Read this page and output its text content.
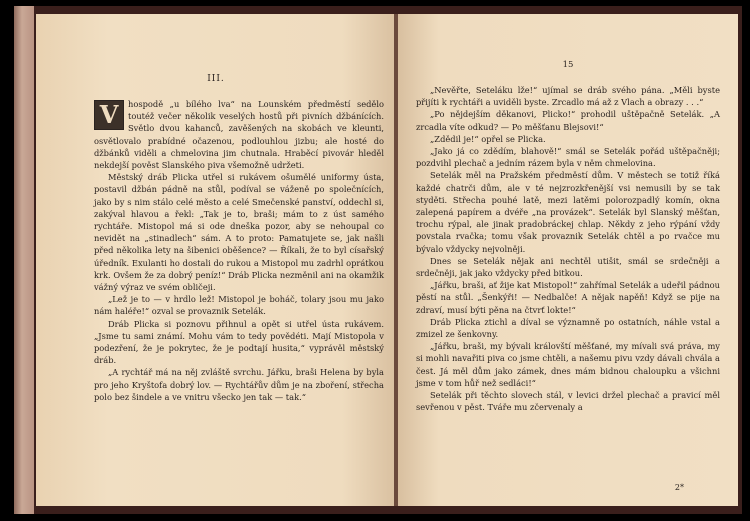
III.

V	hospodě „u bílého lva“ na Lounském předměstí sedělo toutéž večer několik veselých hostů při pivních džbánících. Světlo dvou kahanců, zavěšených na skobách ve kleunti, osvětlovalo prabídné očazenou, podlouhlou jizbu; ale hosté do džbánků viděli a chmelovina jim chutnala. Hraběcí pivovár hleděl nekdejší pověst Slanského piva všemožně udržeti.

Městský dráb Plicka utřel si rukávem ošumělé uniformy ústa, postavil džbán pádně na stůl, podíval se váženě po společnících, jako by s nim stálo celé město a celé Smečenské panství, oddechl si, zakýval hlavou a řekl: „Tak je to, braši; mám to z úst samého rychtáře. Mistopol má si ode dneška pozor, aby se nehoupal co nevidět na „stinadlech“ sám. A to proto: Pamatujete se, jak našli před několika lety na šibenici oběšence? — Říkali, že to byl císařský úředník. Exulanti ho dostali do rukou a Mistopol mu zadrhl oprátkou krk. Ovšem že za dobrý peníz!“ Dráb Plicka nezměnil ani na okamžik vážný výraz ve svém obličeji.

„Lež je to — v hrdlo lež! Mistopol je boháč, tolary jsou mu jako nám haléře!“ ozval se provaznik Setelák.

Dráb Plicka si poznovu přihnul a opět si utřel ústa rukávem. „Jsme tu sami známí. Mohu vám to tedy povědéti. Mají Mistopola v podezření, že je pokrytec, že je podtají husita,“ vyprávěl městský dráb.

„A rychtář má na něj zvláště svrchu. Jářku, braši Helena by byla pro jeho Kryštofa dobrý lov. — Rychtářův dům je na zboření, střecha polo bez šindele a ve vnitru všecko jen tak — tak.“

15

„Nevěřte, Seteláku lže!“ ujímal se dráb svého pána. „Měli byste přijíti k rychtáři a uviděli byste. Zrcadlo má až z Vlach a obrazy . . .“

„Po nějdejším děkanovi, Plicko!“ prohodil uštěpačně Setelák. „A zrcadla víte odkud? — Po měšťanu Blejsovi!“

„Zdědil je!“ opřel se Plicka.

„Jako já co zdědím, blahově!“ smál se Setelák pořád uštěpačněji; pozdvihl plechač a jedním rázem byla v něm chmelovina.

Setelák měl na Pražském předměstí dům. V městech se totiž říká každé chatrči dům, ale v té nejzrozkřenější vsi nemusili by se tak styděti. Střecha pouhé latě, mezi latěmi polorozpadlý komín, okna zalepená papírem a dvéře „na provázek“. Setelák byl Slanský měšťan, trochu rýpal, ale jinak pradobráckej chlap. Někdy z jeho rýpání vždy povstala rvačka; tomu však provaznik Setelák chtěl a po rvačce mu bývalo vždycky nejvolněji.

Dnes se Setelák nějak ani nechtěl utišit, smál se srdečněji a srdečněji, jak jako vždycky před bitkou.

„Jářku, braši, ať žije kat Mistopol!“ zahřímal Setelák a udeřil pádnou pěstí na stůl. „Šenkýři! — Nedbalče! A nějak napěň! Když se pije na zdraví, musí býti pěna na čtvrť lokte!“

Dráb Plicka ztichl a díval se významně po ostatních, náhle vstal a zmizel ze šenkovny.

„Jářku, braši, my bývali královští měšťané, my mívali svá práva, my si mohli navařiti piva co jsme chtěli, a našemu pivu vzdy dávali chvála a čest. Já měl dům jako zámek, dnes mám bidnou chaloupku a všichni jsme v tom hůř než sedláci!“

Setelák při těchto slovech stál, v levici držel plechač a pravicí měl sevřenou v pěst. Tváře mu zčervenaly a

2*
